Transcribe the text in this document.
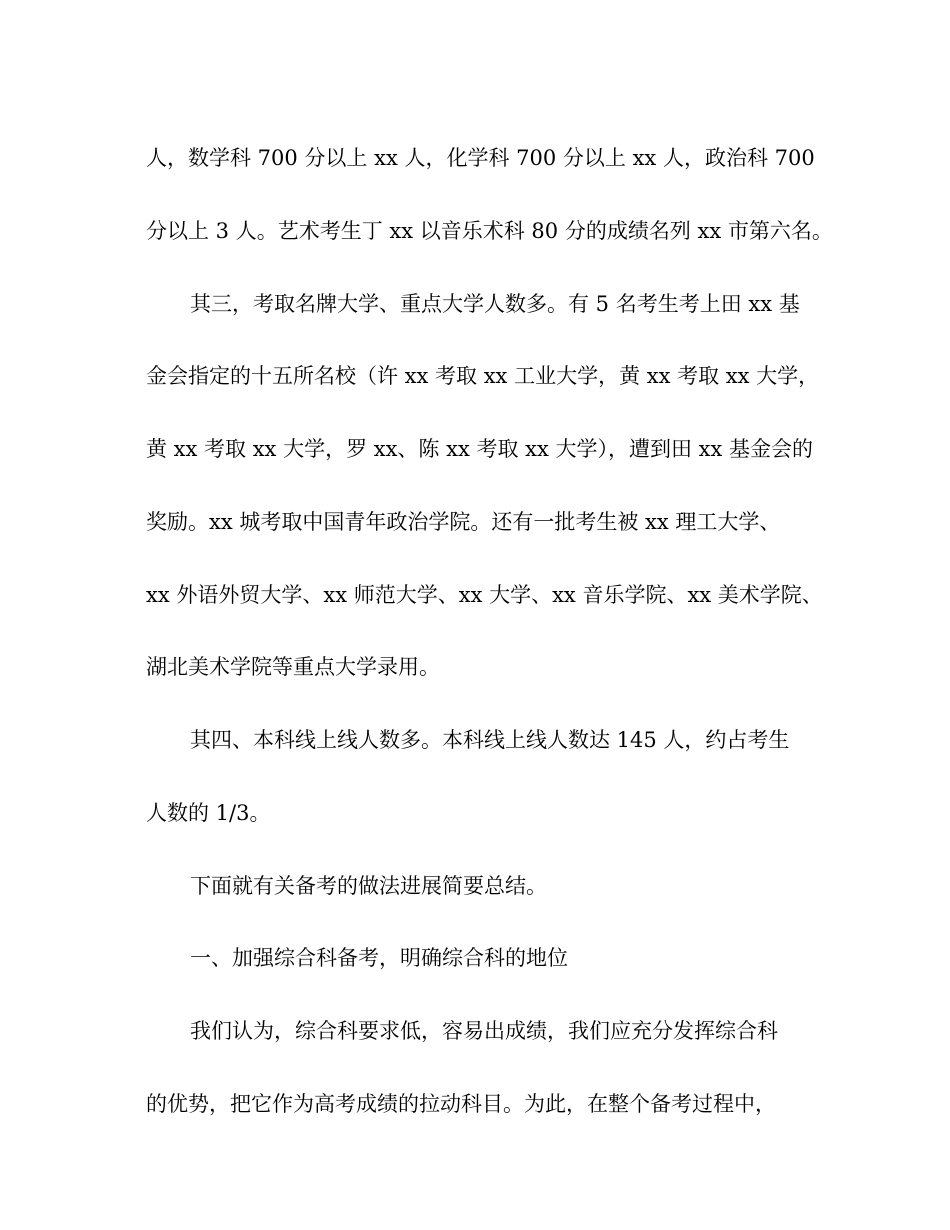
人，数学科 700 分以上 xx 人，化学科 700 分以上 xx 人，政治科 700
分以上 3 人。艺术考生丁 xx 以音乐术科 80 分的成绩名列 xx 市第六名。
其三，考取名牌大学、重点大学人数多。有 5 名考生考上田 xx 基
金会指定的十五所名校（许 xx 考取 xx 工业大学，黄 xx 考取 xx 大学，
黄 xx 考取 xx 大学，罗 xx、陈 xx 考取 xx 大学），遭到田 xx 基金会的
奖励。xx 城考取中国青年政治学院。还有一批考生被 xx 理工大学、
xx 外语外贸大学、xx 师范大学、xx 大学、xx 音乐学院、xx 美术学院、
湖北美术学院等重点大学录用。
其四、本科线上线人数多。本科线上线人数达 145 人，约占考生
人数的 1/3。
下面就有关备考的做法进展简要总结。
一、加强综合科备考，明确综合科的地位
我们认为，综合科要求低，容易出成绩，我们应充分发挥综合科
的优势，把它作为高考成绩的拉动科目。为此，在整个备考过程中，
